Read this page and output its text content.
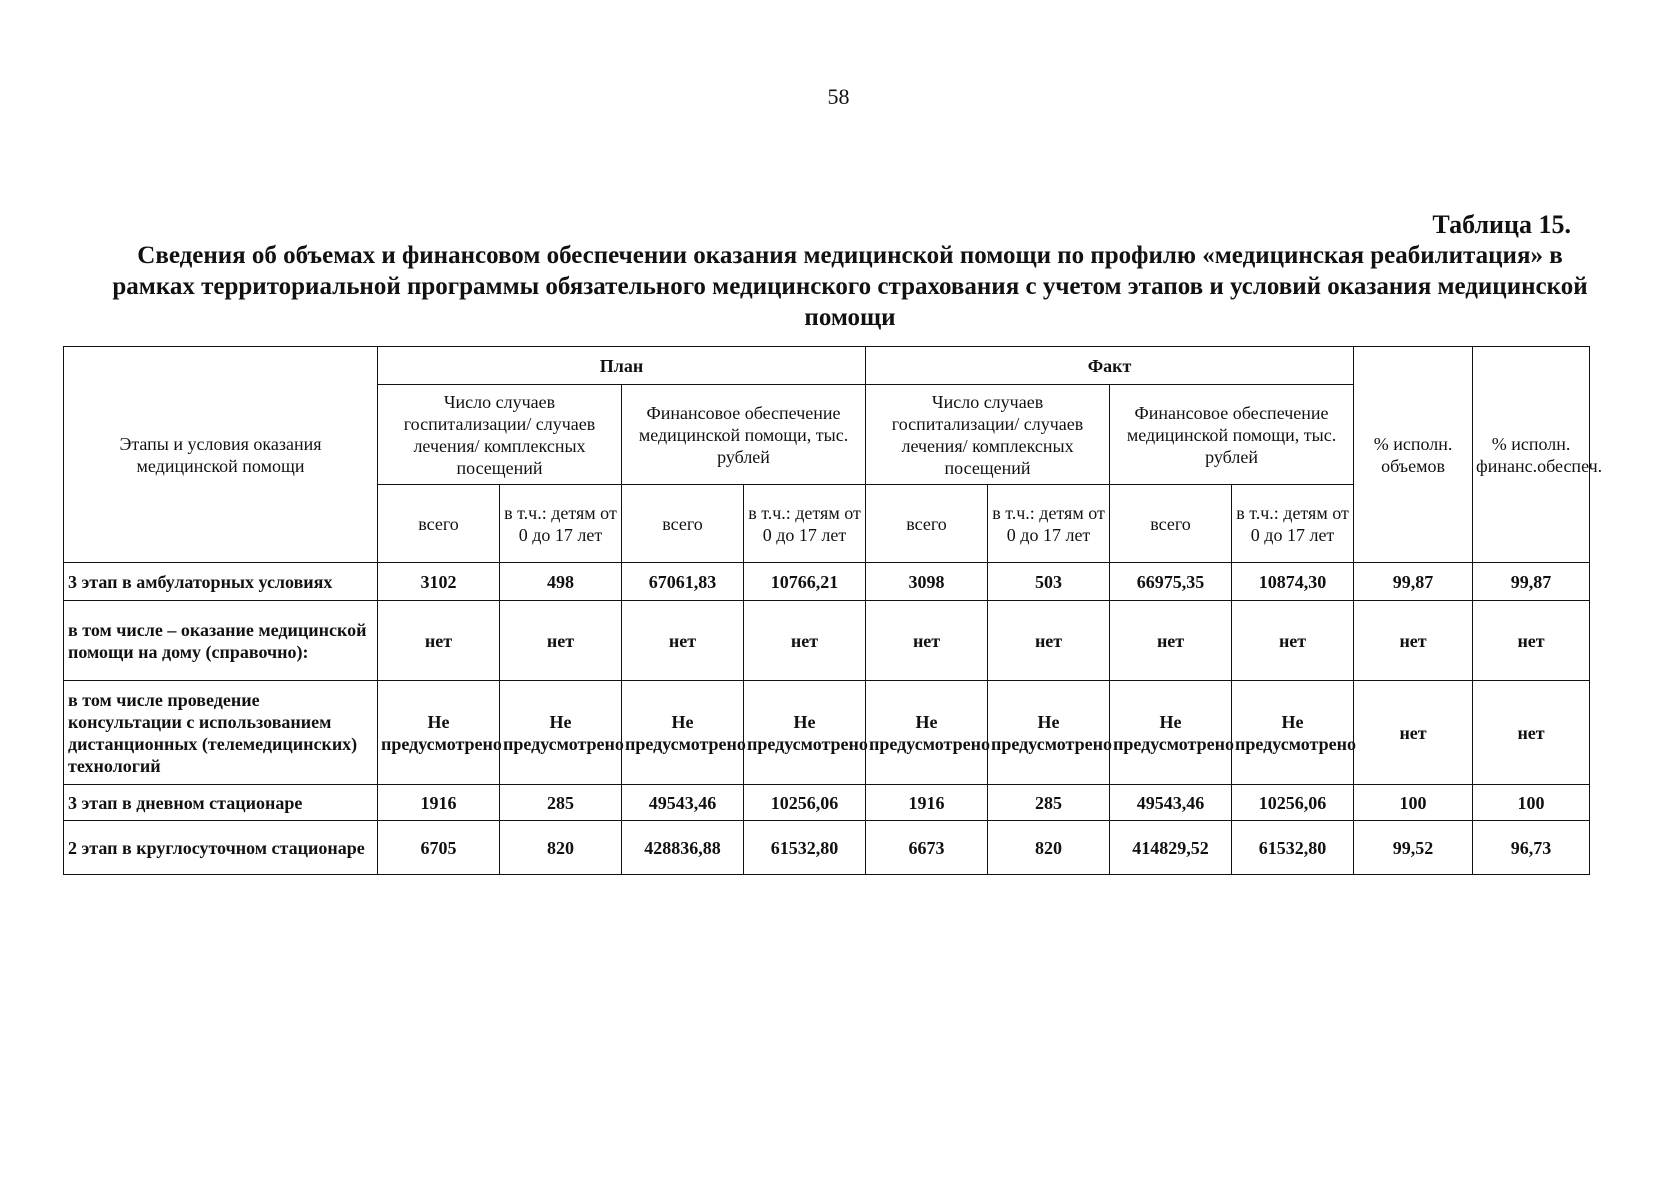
58
Таблица 15.
Сведения об объемах и финансовом обеспечении оказания медицинской помощи по профилю «медицинская реабилитация» в рамках территориальной программы обязательного медицинского страхования с учетом этапов и условий оказания медицинской помощи
Этапы и условия оказания медицинской помощи	План				Факт				% исполн. объемов	% исполн. финанс.обеспеч.
	Число случаев госпитализации/ случаев лечения/ комплексных посещений		Финансовое обеспечение медицинской помощи, тыс. рублей		Число случаев госпитализации/ случаев лечения/ комплексных посещений		Финансовое обеспечение медицинской помощи, тыс. рублей			
	всего	в т.ч.: детям от 0 до 17 лет	всего	в т.ч.: детям от 0 до 17 лет	всего	в т.ч.: детям от 0 до 17 лет	всего	в т.ч.: детям от 0 до 17 лет		
3 этап в амбулаторных условиях	3102	498	67061,83	10766,21	3098	503	66975,35	10874,30	99,87	99,87
в том числе – оказание медицинской помощи на дому (справочно):	нет	нет	нет	нет	нет	нет	нет	нет	нет	нет
в том числе проведение консультации с использованием дистанционных (телемедицинских) технологий	Не предусмотрено	Не предусмотрено	Не предусмотрено	Не предусмотрено	Не предусмотрено	Не предусмотрено	Не предусмотрено	Не предусмотрено	нет	нет
3 этап в дневном стационаре	1916	285	49543,46	10256,06	1916	285	49543,46	10256,06	100	100
2 этап в круглосуточном стационаре	6705	820	428836,88	61532,80	6673	820	414829,52	61532,80	99,52	96,73
